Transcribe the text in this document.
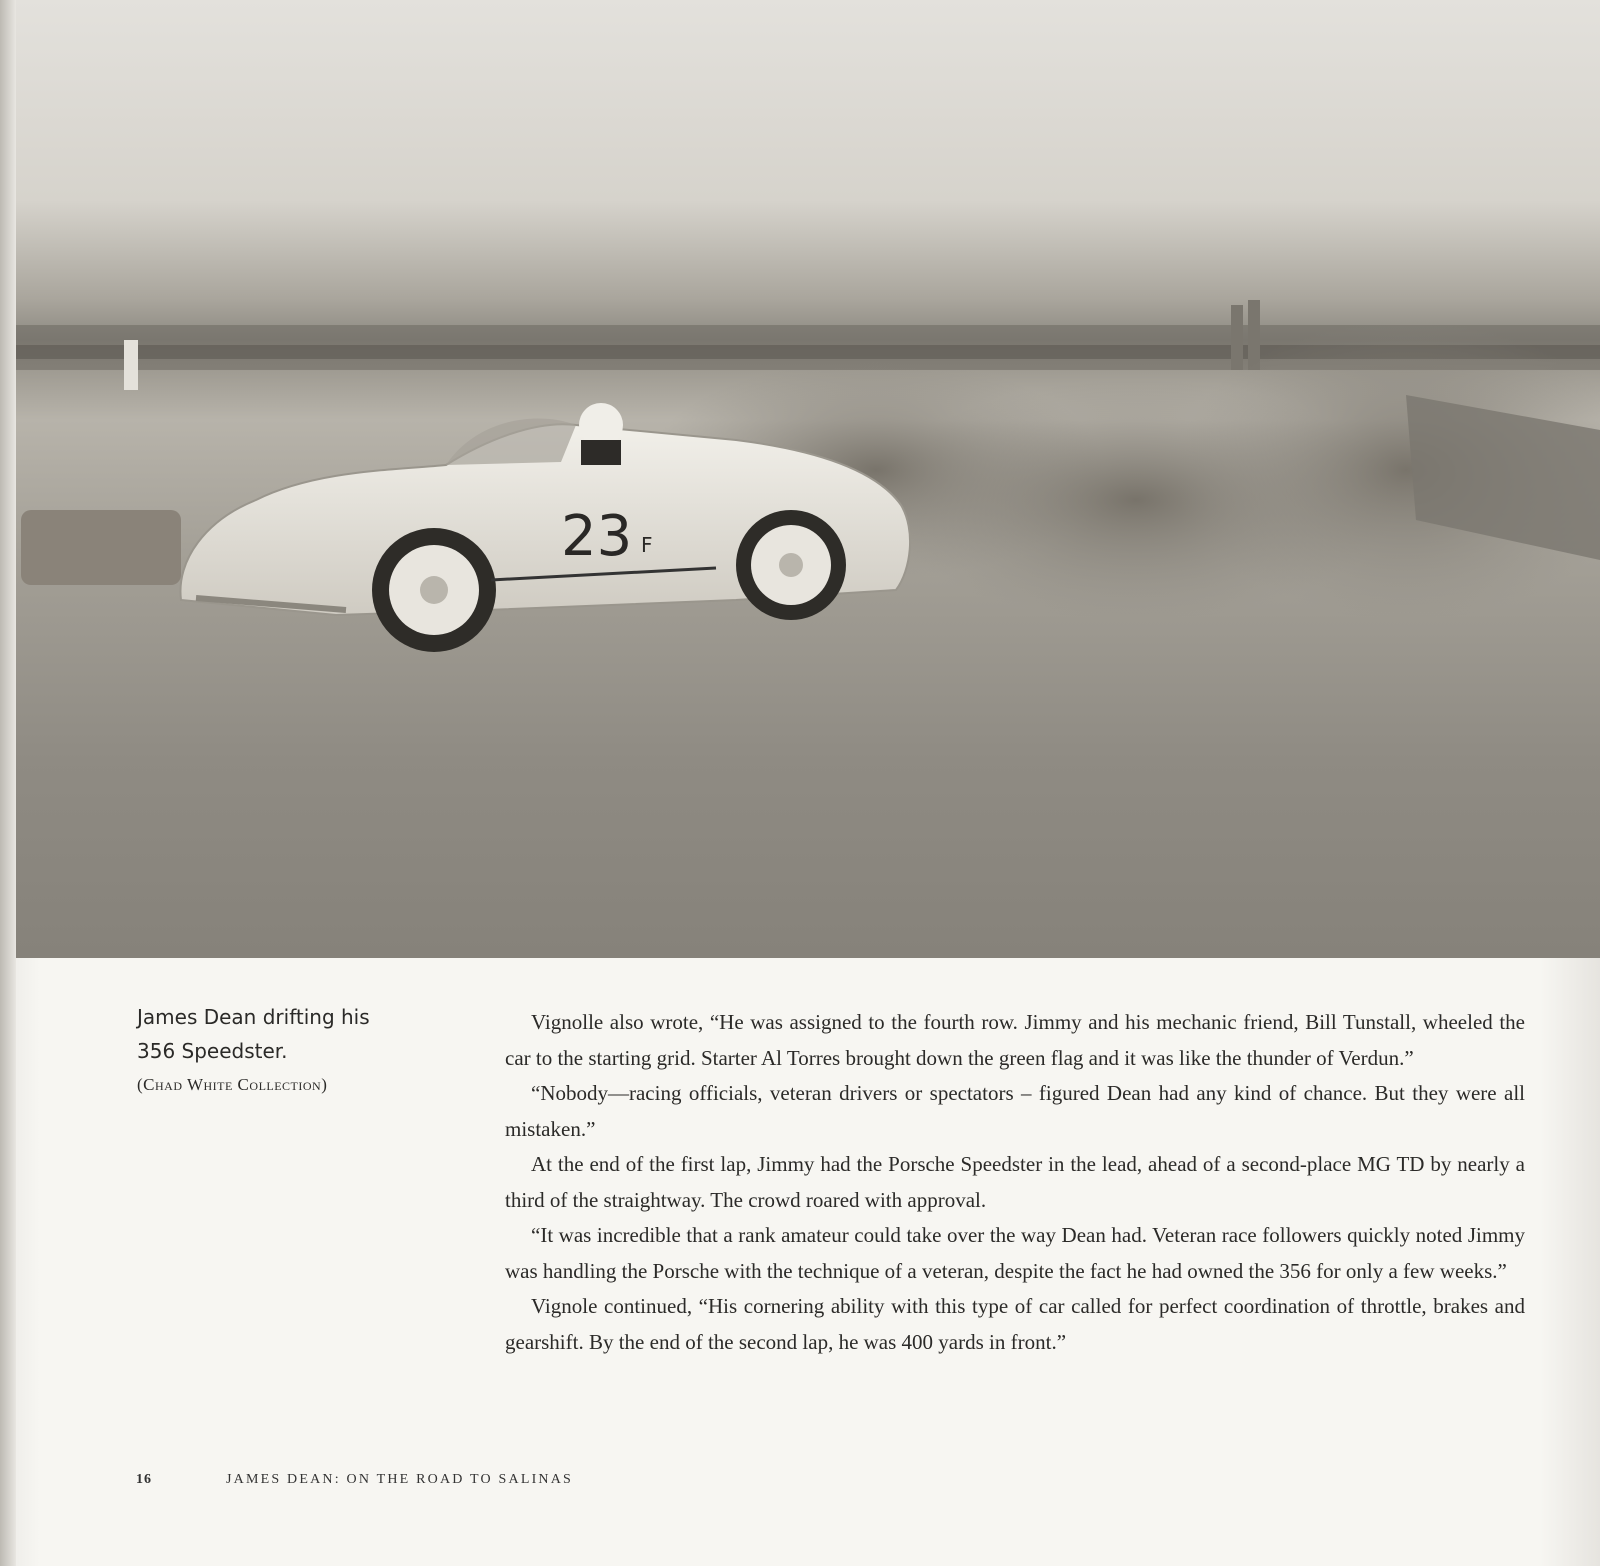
23 F
James Dean drifting his
356 Speedster.
(Chad White Collection)

Vignolle also wrote, “He was assigned to the fourth row. Jimmy and his mechanic friend, Bill Tunstall, wheeled the car to the starting grid. Starter Al Torres brought down the green flag and it was like the thunder of Verdun.”

“Nobody—racing officials, veteran drivers or spectators – figured Dean had any kind of chance. But they were all mistaken.”

At the end of the first lap, Jimmy had the Porsche Speedster in the lead, ahead of a second-place MG TD by nearly a third of the straightway. The crowd roared with approval.

“It was incredible that a rank amateur could take over the way Dean had. Veteran race followers quickly noted Jimmy was handling the Porsche with the technique of a veteran, despite the fact he had owned the 356 for only a few weeks.”

Vignole continued, “His cornering ability with this type of car called for perfect coordination of throttle, brakes and gearshift. By the end of the second lap, he was 400 yards in front.”

16	JAMES DEAN: ON THE ROAD TO SALINAS
